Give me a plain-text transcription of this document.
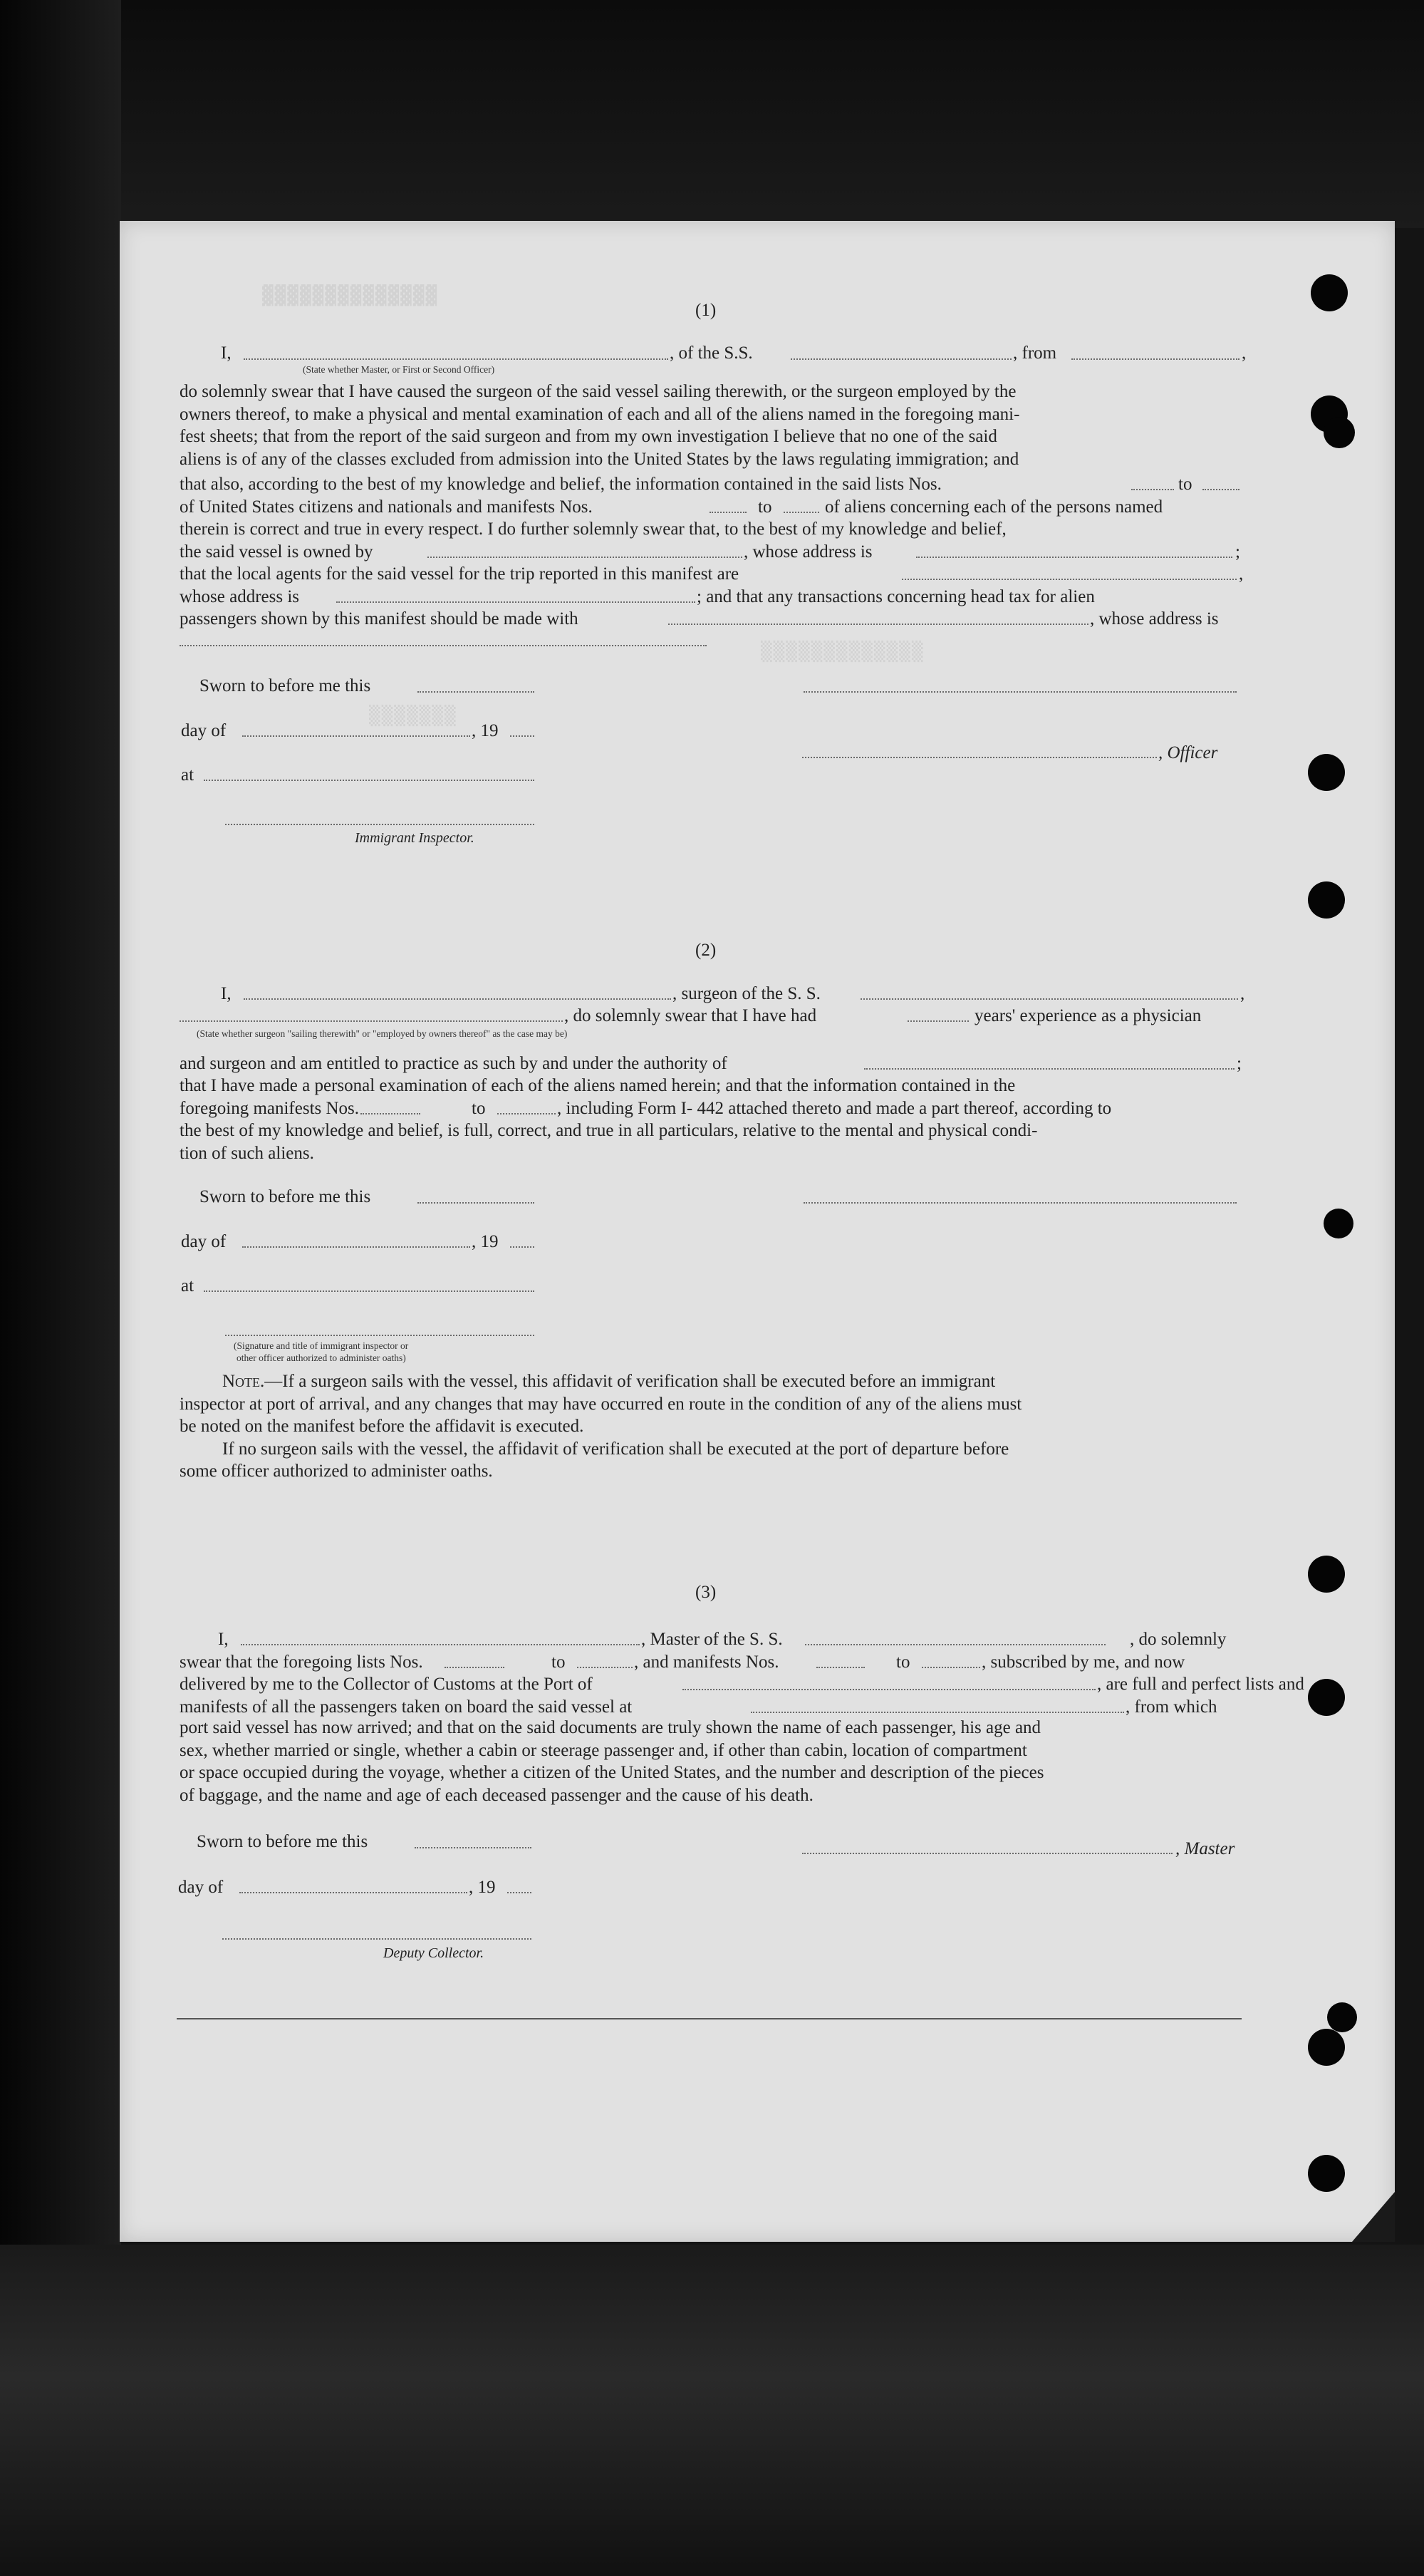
▓▓▓▓▓▓▓▓▓▓▓▓▓▓
▒▒▒▒▒▒▒▒▒▒▒▒▒
▒▒▒▒▒▒▒
(1)
I,	, of the S.S.	, from	,
(State whether Master, or First or Second Officer)
do solemnly swear that I have caused the surgeon of the said vessel sailing therewith, or the surgeon employed by the
owners thereof, to make a physical and mental examination of each and all of the aliens named in the foregoing mani-
fest sheets; that from the report of the said surgeon and from my own investigation I believe that no one of the said
aliens is of any of the classes excluded from admission into the United States by the laws regulating immigration; and
that also, according to the best of my knowledge and belief, the information contained in the said lists Nos.	to
of United States citizens and nationals and manifests Nos.	to	of aliens concerning each of the persons named
therein is correct and true in every respect. I do further solemnly swear that, to the best of my knowledge and belief,
the said vessel is owned by	, whose address is	;
that the local agents for the said vessel for the trip reported in this manifest are	,
whose address is	; and that any transactions concerning head tax for alien
passengers shown by this manifest should be made with	, whose address is
Sworn to before me this
day of	, 19
, Officer
at
Immigrant Inspector.
(2)
I,	, surgeon of the S. S.	,
, do solemnly swear that I have had	years' experience as a physician
(State whether surgeon "sailing therewith" or "employed by owners thereof" as the case may be)
and surgeon and am entitled to practice as such by and under the authority of	;
that I have made a personal examination of each of the aliens named herein; and that the information contained in the
foregoing manifests Nos.	to	, including Form I- 442 attached thereto and made a part thereof, according to
the best of my knowledge and belief, is full, correct, and true in all particulars, relative to the mental and physical condi-
tion of such aliens.
Sworn to before me this
day of	, 19
at
(Signature and title of immigrant inspector or
other officer authorized to administer oaths)
Note.—If a surgeon sails with the vessel, this affidavit of verification shall be executed before an immigrant
inspector at port of arrival, and any changes that may have occurred en route in the condition of any of the aliens must
be noted on the manifest before the affidavit is executed.
If no surgeon sails with the vessel, the affidavit of verification shall be executed at the port of departure before
some officer authorized to administer oaths.
(3)
I,	, Master of the S. S.	, do solemnly
swear that the foregoing lists Nos.	to	, and manifests Nos.	to	, subscribed by me, and now
delivered by me to the Collector of Customs at the Port of	, are full and perfect lists and
manifests of all the passengers taken on board the said vessel at	, from which
port said vessel has now arrived; and that on the said documents are truly shown the name of each passenger, his age and
sex, whether married or single, whether a cabin or steerage passenger and, if other than cabin, location of compartment
or space occupied during the voyage, whether a citizen of the United States, and the number and description of the pieces
of baggage, and the name and age of each deceased passenger and the cause of his death.
Sworn to before me this	, Master
day of	, 19
Deputy Collector.
